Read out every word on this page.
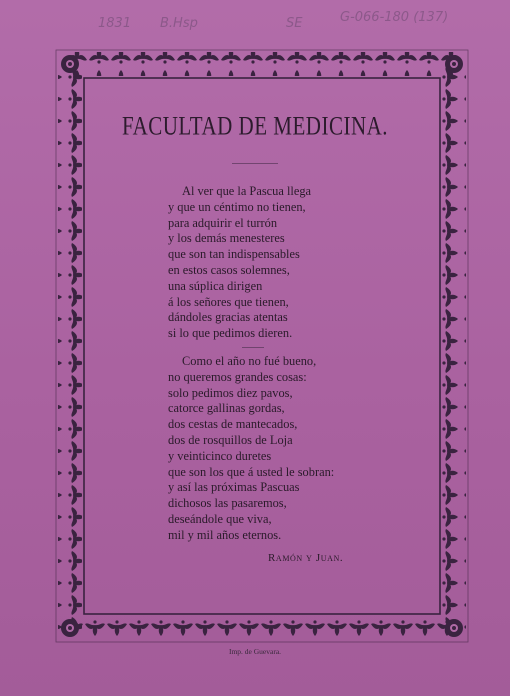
1831 B.Hsp	SE	G-066-180 (137)
FACULTAD DE MEDICINA.

Al ver que la Pascua llega
y que un céntimo no tienen,
para adquirir el turrón
y los demás menesteres
que son tan indispensables
en estos casos solemnes,
una súplica dirigen
á los señores que tienen,
dándoles gracias atentas
si lo que pedimos dieren.

Como el año no fué bueno,
no queremos grandes cosas:
solo pedimos diez pavos,
catorce gallinas gordas,
dos cestas de mantecados,
dos de rosquillos de Loja
y veinticinco duretes
que son los que á usted le sobran:
y así las próximas Pascuas
dichosos las pasaremos,
deseándole que viva,
mil y mil años eternos.

Ramón y Juan.
Imp. de Guevara.
